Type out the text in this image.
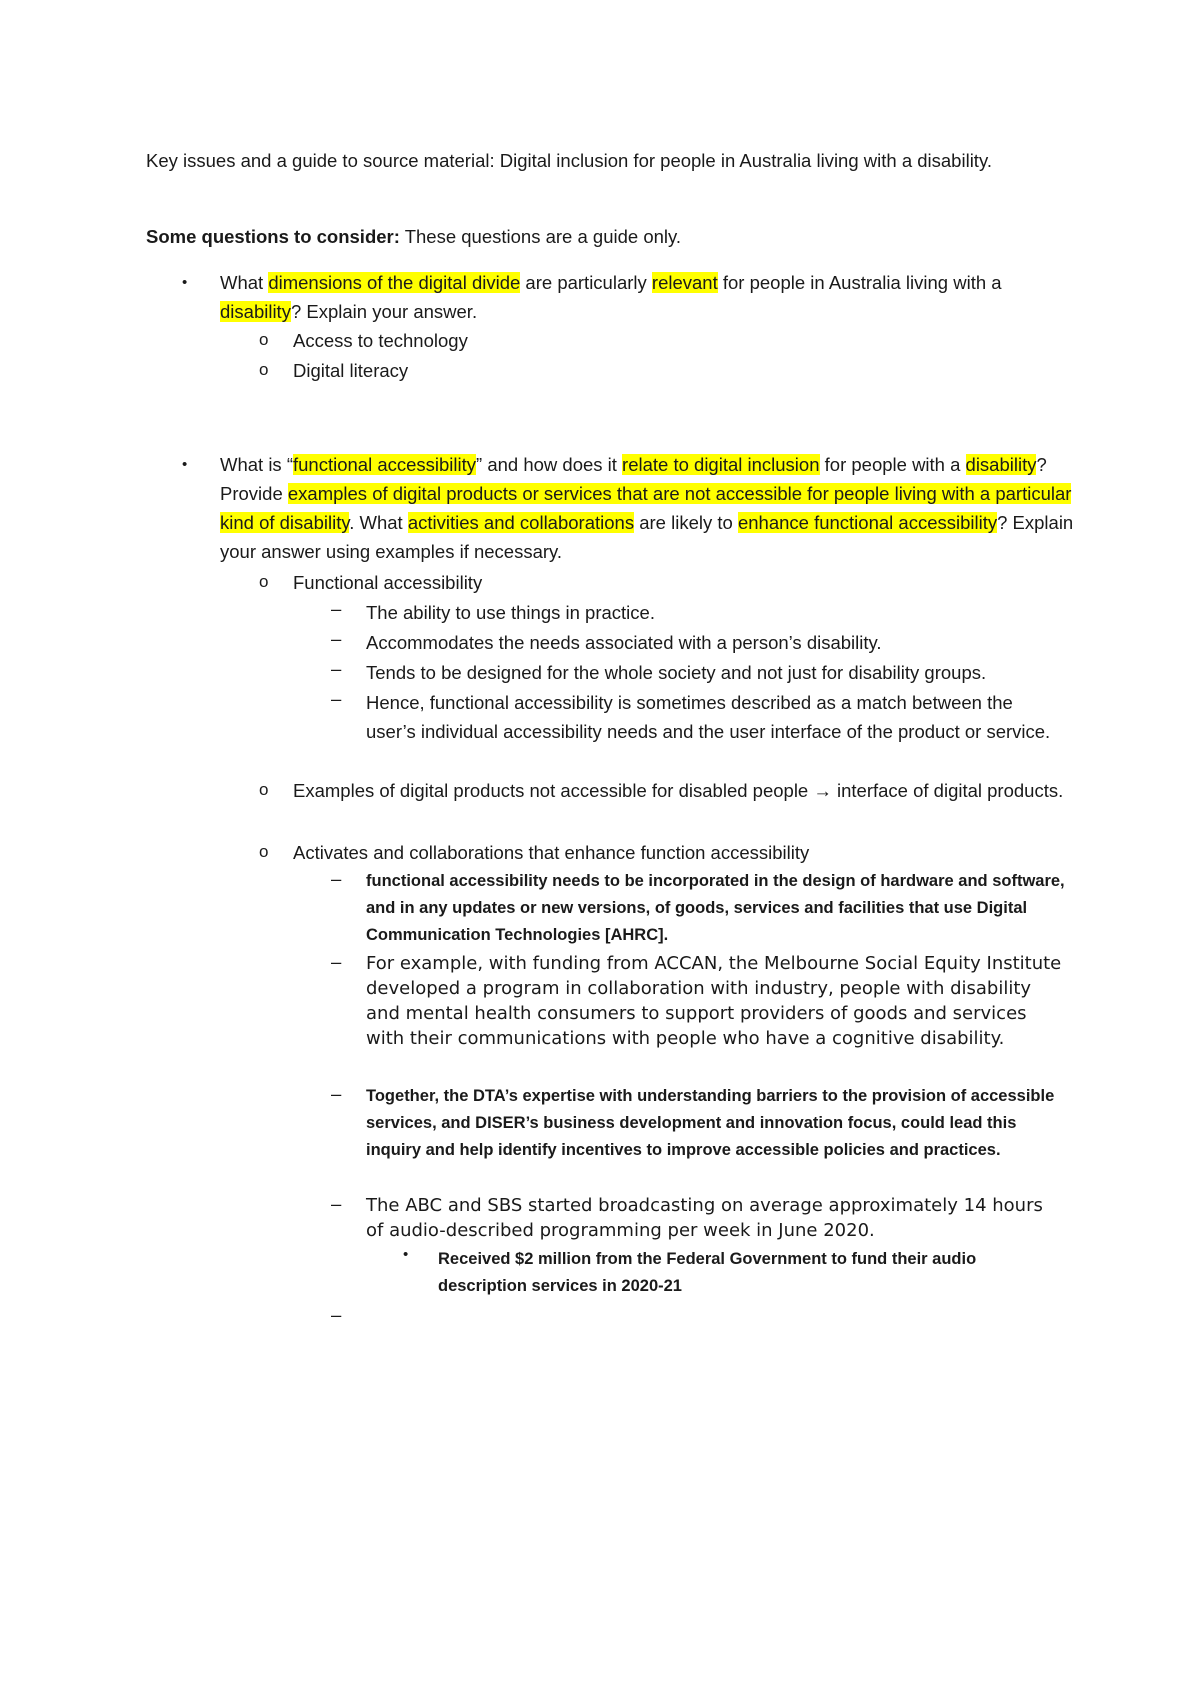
Key issues and a guide to source material: Digital inclusion for people in Australia living with a disability.

Some questions to consider: These questions are a guide only.

• What dimensions of the digital divide are particularly relevant for people in Australia living with a disability? Explain your answer.

o Access to technology

o Digital literacy

• What is “functional accessibility” and how does it relate to digital inclusion for people with a disability? Provide examples of digital products or services that are not accessible for people living with a particular kind of disability. What activities and collaborations are likely to enhance functional accessibility? Explain your answer using examples if necessary.

o Functional accessibility

– The ability to use things in practice.

– Accommodates the needs associated with a person’s disability.

– Tends to be designed for the whole society and not just for disability groups.

– Hence, functional accessibility is sometimes described as a match between the user’s individual accessibility needs and the user interface of the product or service.

o Examples of digital products not accessible for disabled people → interface of digital products.

o Activates and collaborations that enhance function accessibility

– functional accessibility needs to be incorporated in the design of hardware and software, and in any updates or new versions, of goods, services and facilities that use Digital Communication Technologies [AHRC].

– For example, with funding from ACCAN, the Melbourne Social Equity Institute developed a program in collaboration with industry, people with disability and mental health consumers to support providers of goods and services with their communications with people who have a cognitive disability.

– Together, the DTA’s expertise with understanding barriers to the provision of accessible services, and DISER’s business development and innovation focus, could lead this inquiry and help identify incentives to improve accessible policies and practices.

– The ABC and SBS started broadcasting on average approximately 14 hours of audio-described programming per week in June 2020.

• Received $2 million from the Federal Government to fund their audio description services in 2020-21

–
